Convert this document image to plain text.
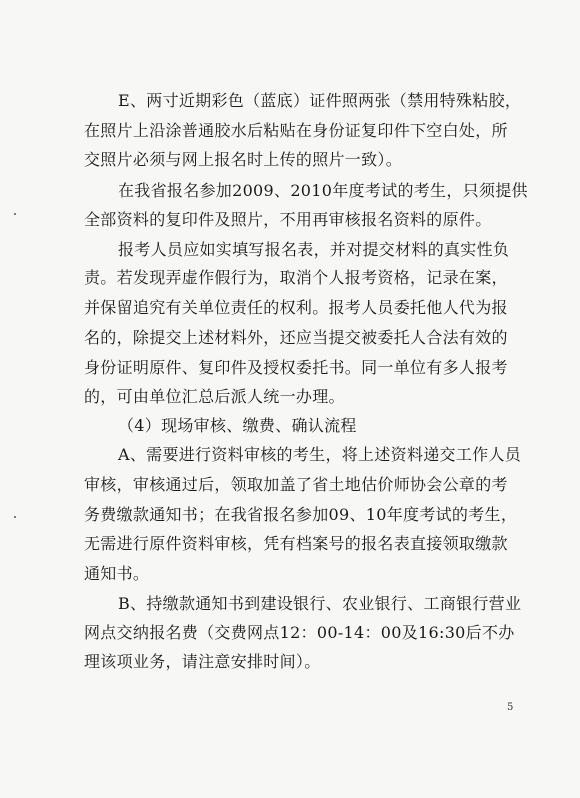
E、两寸近期彩色（蓝底）证件照两张（禁用特殊粘胶，
在照片上沿涂普通胶水后粘贴在身份证复印件下空白处，所
交照片必须与网上报名时上传的照片一致）。
在我省报名参加2009、2010年度考试的考生，只须提供
全部资料的复印件及照片，不用再审核报名资料的原件。
报考人员应如实填写报名表，并对提交材料的真实性负
责。若发现弄虚作假行为，取消个人报考资格，记录在案，
并保留追究有关单位责任的权利。报考人员委托他人代为报
名的，除提交上述材料外，还应当提交被委托人合法有效的
身份证明原件、复印件及授权委托书。同一单位有多人报考
的，可由单位汇总后派人统一办理。
（4）现场审核、缴费、确认流程
A、需要进行资料审核的考生，将上述资料递交工作人员
审核，审核通过后，领取加盖了省土地估价师协会公章的考
务费缴款通知书；在我省报名参加09、10年度考试的考生，
无需进行原件资料审核，凭有档案号的报名表直接领取缴款
通知书。
B、持缴款通知书到建设银行、农业银行、工商银行营业
网点交纳报名费（交费网点12：00-14：00及16:30后不办
理该项业务，请注意安排时间）。
5
